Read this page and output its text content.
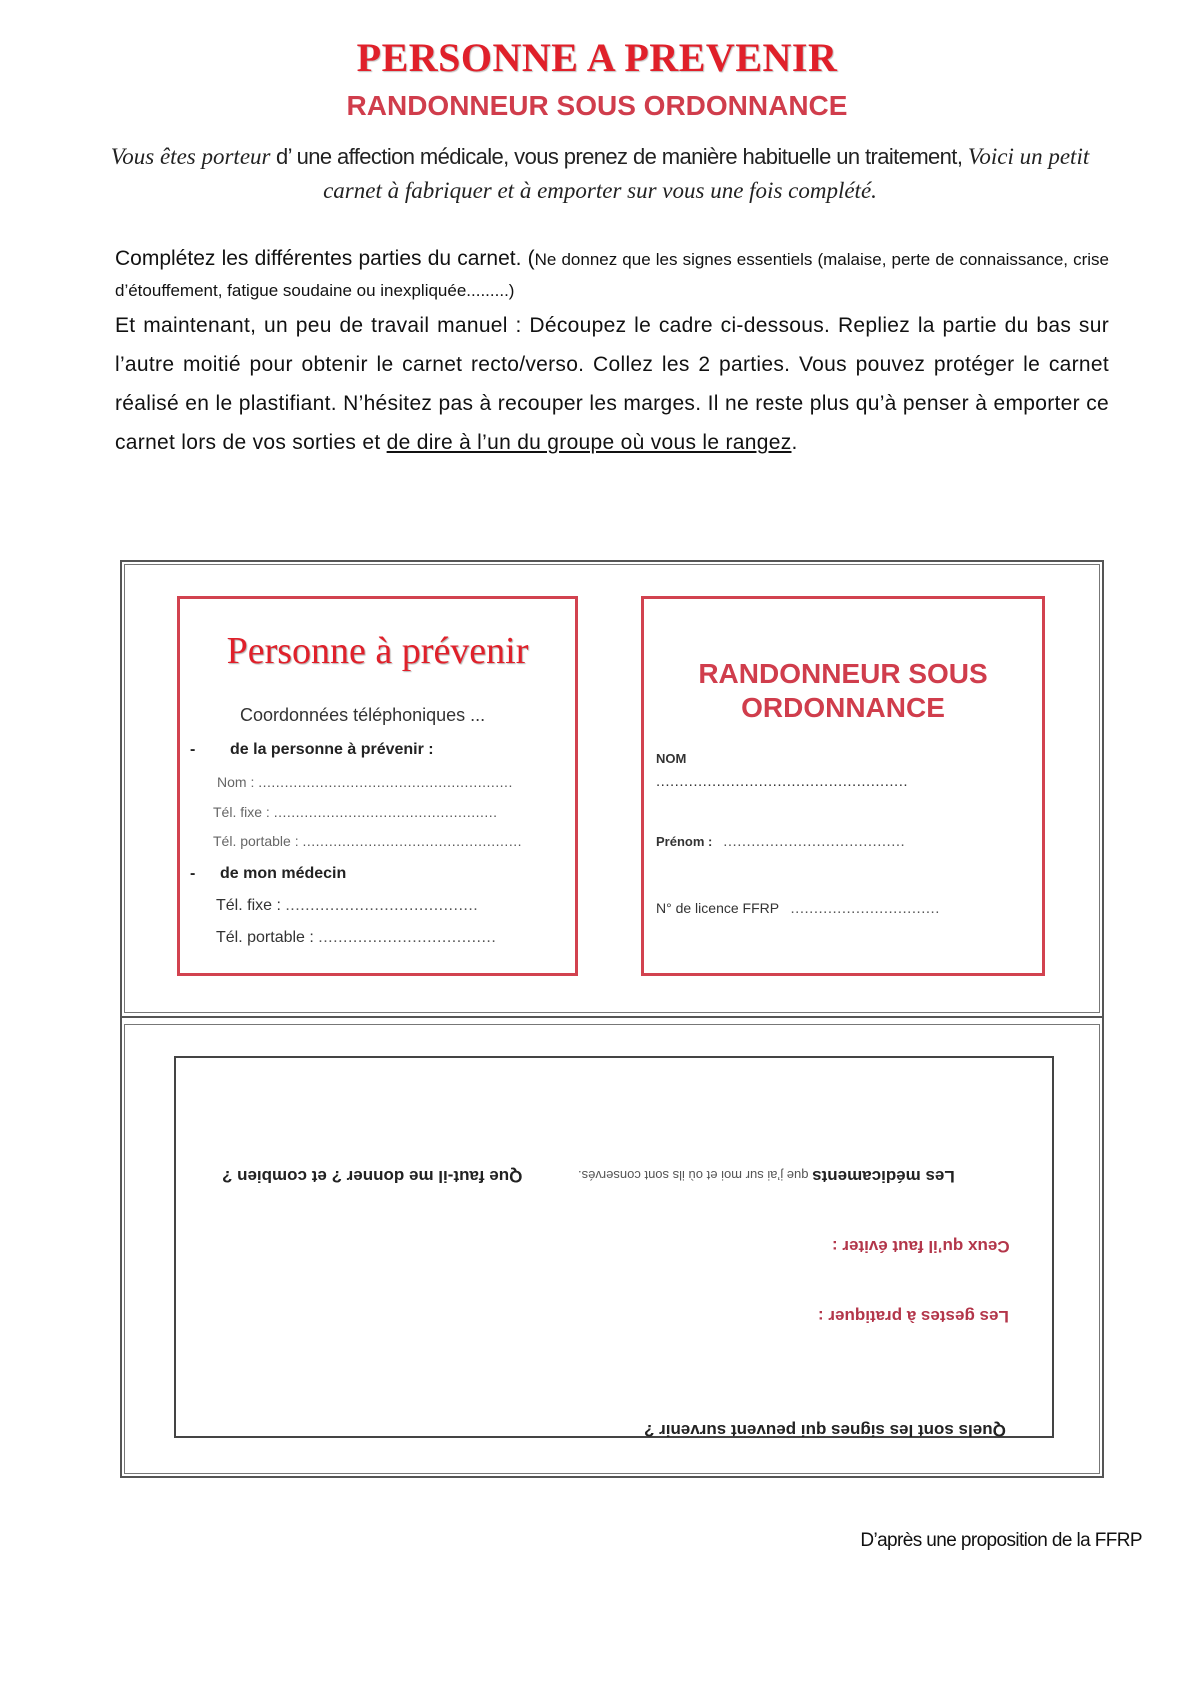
PERSONNE A PREVENIR
RANDONNEUR SOUS ORDONNANCE
Vous êtes porteur d’ une affection médicale, vous prenez de manière habituelle un traitement, Voici un petit carnet à fabriquer et à emporter sur vous une fois complété.

Complétez les différentes parties du carnet. (Ne donnez que les signes essentiels (malaise, perte de connaissance, crise d’étouffement, fatigue soudaine ou inexpliquée.........)

Et maintenant, un peu de travail manuel : Découpez le cadre ci-dessous. Repliez la partie du bas sur l’autre moitié pour obtenir le carnet recto/verso. Collez les 2 parties. Vous pouvez protéger le carnet réalisé en le plastifiant. N’hésitez pas à recouper les marges. Il ne reste plus qu’à penser à emporter ce carnet lors de vos sorties et de dire à l’un du groupe où vous le rangez.

Personne à prévenir
Coordonnées téléphoniques ...
- de la personne à prévenir :
Nom : ..........................................................
Tél. fixe : ...................................................
Tél. portable : ..................................................
- de mon médecin
Tél. fixe : .......................................
Tél. portable : ....................................
RANDONNEUR SOUS
ORDONNANCE
NOM
......................................................
Prénom : .......................................
N° de licence FFRP ................................
Les médicaments que j’ai sur moi et où ils sont conservés.
Que faut-il me donner ? et combien ?
Ceux qu’il faut éviter :
Les gestes à pratiquer :
Quels sont les signes qui peuvent survenir ?
D’après une proposition de la FFRP
